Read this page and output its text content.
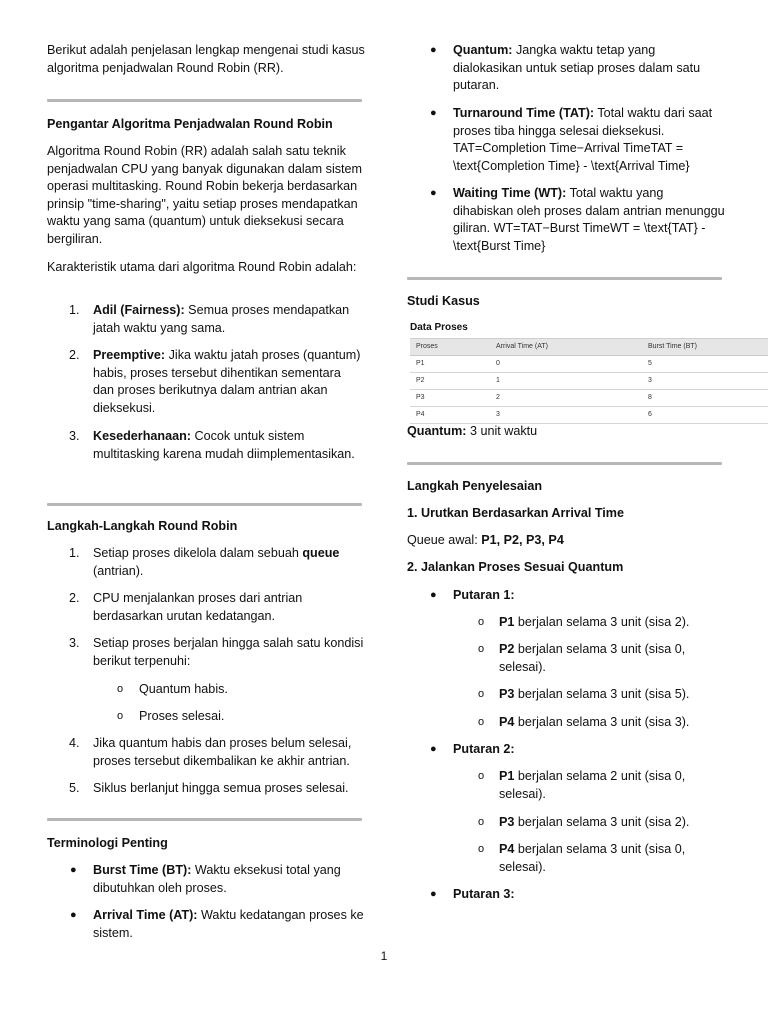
Berikut adalah penjelasan lengkap mengenai studi kasus algoritma penjadwalan Round Robin (RR).

Pengantar Algoritma Penjadwalan Round Robin

Algoritma Round Robin (RR) adalah salah satu teknik penjadwalan CPU yang banyak digunakan dalam sistem operasi multitasking. Round Robin bekerja berdasarkan prinsip "time-sharing", yaitu setiap proses mendapatkan waktu yang sama (quantum) untuk dieksekusi secara bergiliran.

Karakteristik utama dari algoritma Round Robin adalah:

1. Adil (Fairness): Semua proses mendapatkan jatah waktu yang sama.
2. Preemptive: Jika waktu jatah proses (quantum) habis, proses tersebut dihentikan sementara dan proses berikutnya dalam antrian akan dieksekusi.
3. Kesederhanaan: Cocok untuk sistem multitasking karena mudah diimplementasikan.

Langkah-Langkah Round Robin

1. Setiap proses dikelola dalam sebuah queue (antrian).
2. CPU menjalankan proses dari antrian berdasarkan urutan kedatangan.
3. Setiap proses berjalan hingga salah satu kondisi berikut terpenuhi:
o Quantum habis.
o Proses selesai.
4. Jika quantum habis dan proses belum selesai, proses tersebut dikembalikan ke akhir antrian.
5. Siklus berlanjut hingga semua proses selesai.

Terminologi Penting

● Burst Time (BT): Waktu eksekusi total yang dibutuhkan oleh proses.
● Arrival Time (AT): Waktu kedatangan proses ke sistem.
● Quantum: Jangka waktu tetap yang dialokasikan untuk setiap proses dalam satu putaran.
● Turnaround Time (TAT): Total waktu dari saat proses tiba hingga selesai dieksekusi. TAT=Completion Time−Arrival TimeTAT = \text{Completion Time} - \text{Arrival Time}
● Waiting Time (WT): Total waktu yang dihabiskan oleh proses dalam antrian menunggu giliran. WT=TAT−Burst TimeWT = \text{TAT} - \text{Burst Time}

Studi Kasus

Data Proses
Proses	Arrival Time (AT)	Burst Time (BT)
P1	0	5
P2	1	3
P3	2	8
P4	3	6

Quantum: 3 unit waktu

Langkah Penyelesaian

1. Urutkan Berdasarkan Arrival Time

Queue awal: P1, P2, P3, P4

2. Jalankan Proses Sesuai Quantum

● Putaran 1:
o P1 berjalan selama 3 unit (sisa 2).
o P2 berjalan selama 3 unit (sisa 0, selesai).
o P3 berjalan selama 3 unit (sisa 5).
o P4 berjalan selama 3 unit (sisa 3).
● Putaran 2:
o P1 berjalan selama 2 unit (sisa 0, selesai).
o P3 berjalan selama 3 unit (sisa 2).
o P4 berjalan selama 3 unit (sisa 0, selesai).
● Putaran 3:
1
